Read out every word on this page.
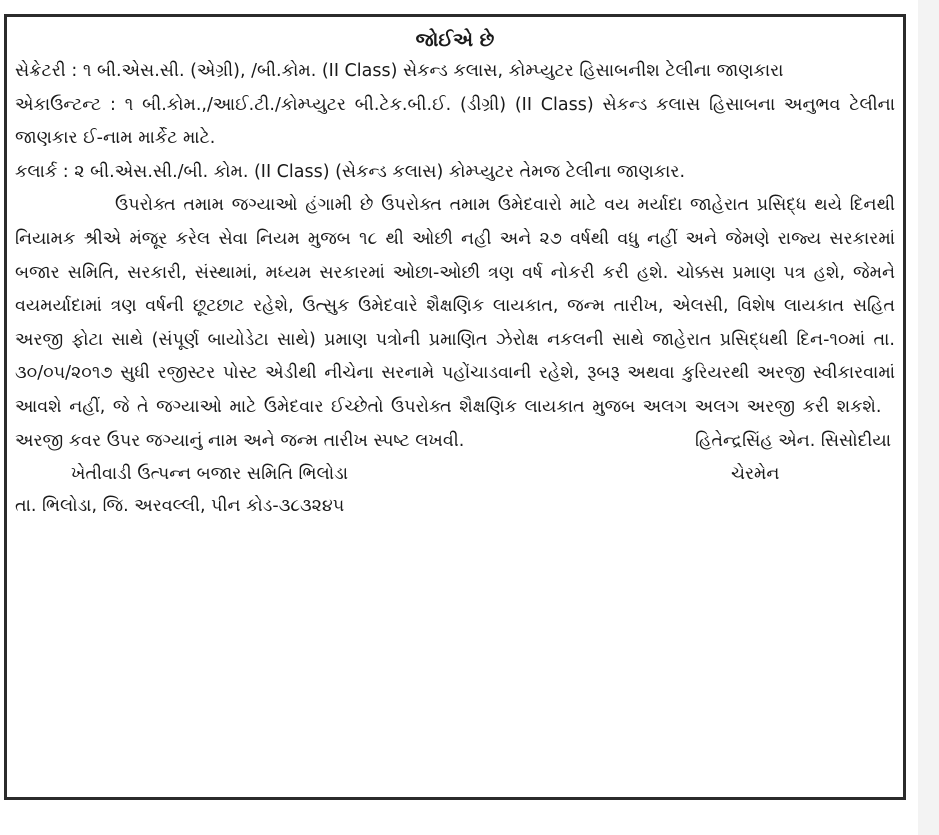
જોઈએ છે

સેક્રેટરી : ૧ બી.એસ.સી. (એગ્રી), /બી.કોમ. (II Class) સેકન્ડ કલાસ, કોમ્પ્યુટર હિસાબનીશ ટેલીના જાણકારા

એકાઉન્ટન્ટ : ૧ બી.કોમ.,/આઈ.ટી./કોમ્પ્યુટર બી.ટેક.બી.ઈ. (ડીગ્રી) (II Class) સેકન્ડ કલાસ હિસાબના અનુભવ ટેલીના જાણકાર ઈ-નામ માર્કેટ માટે.

કલાર્ક : ૨ બી.એસ.સી./બી. કોમ. (II Class) (સેકન્ડ કલાસ) કોમ્પ્યુટર તેમજ ટેલીના જાણકાર.

ઉપરોક્ત તમામ જગ્યાઓ હંગામી છે ઉપરોક્ત તમામ ઉમેદવારો માટે વય મર્યાદા જાહેરાત પ્રસિદ્ધ થયે દિનથી નિયામક શ્રીએ મંજૂર કરેલ સેવા નિયમ મુજબ ૧૮ થી ઓછી નહી અને ૨૭ વર્ષથી વધુ નહીં અને જેમણે રાજ્ય સરકારમાં બજાર સમિતિ, સરકારી, સંસ્થામાં, મધ્યમ સરકારમાં ઓછા-ઓછી ત્રણ વર્ષ નોકરી કરી હશે. ચોક્કસ પ્રમાણ પત્ર હશે, જેમને વયમર્યાદામાં ત્રણ વર્ષની છૂટછાટ રહેશે, ઉત્સુક ઉમેદવારે શૈક્ષણિક લાયકાત, જન્મ તારીખ, એલસી, વિશેષ લાયકાત સહિત અરજી ફોટા સાથે (સંપૂર્ણ બાયોડેટા સાથે) પ્રમાણ પત્રોની પ્રમાણિત ઝેરોક્ષ નકલની સાથે જાહેરાત પ્રસિદ્ધથી દિન-૧૦માં તા. ૩૦/૦૫/૨૦૧૭ સુધી રજીસ્ટર પોસ્ટ એડીથી નીચેના સરનામે પહોંચાડવાની રહેશે, રૂબરૂ અથવા કુરિયરથી અરજી સ્વીકારવામાં આવશે નહીં, જે તે જગ્યાઓ માટે ઉમેદવાર ઈચ્છેતો ઉપરોક્ત શૈક્ષણિક લાયકાત મુજબ અલગ અલગ અરજી કરી શકશે.

અરજી કવર ઉપર જગ્યાનું નામ અને જન્મ તારીખ સ્પષ્ટ લખવી.	હિતેન્દ્રસિંહ એન. સિસોદીયા
ખેતીવાડી ઉત્પન્ન બજાર સમિતિ ભિલોડા	ચેરમેન
તા. ભિલોડા, જિ. અરવલ્લી, પીન કોડ-૩૮૩૨૪૫
